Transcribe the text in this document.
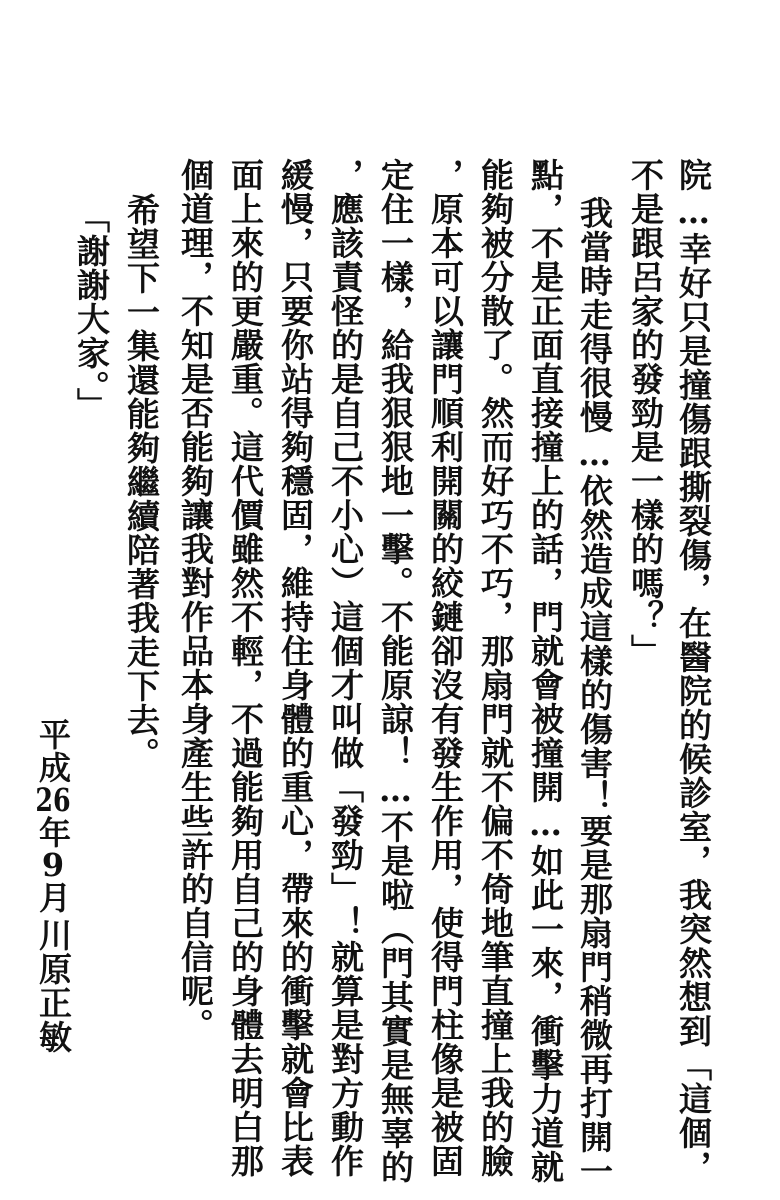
院…幸好只是撞傷跟撕裂傷，在醫院的候診室，我突然想到「這個，

不是跟呂家的發勁是一樣的嗎？」

我當時走得很慢…依然造成這樣的傷害！要是那扇門稍微再打開一

點，不是正面直接撞上的話，門就會被撞開…如此一來，衝擊力道就

能夠被分散了。然而好巧不巧，那扇門就不偏不倚地筆直撞上我的臉

，原本可以讓門順利開關的絞鏈卻沒有發生作用，使得門柱像是被固

定住一樣，給我狠狠地一擊。不能原諒！…不是啦（門其實是無辜的

，應該責怪的是自己不小心）這個才叫做「發勁」！就算是對方動作

緩慢，只要你站得夠穩固，維持住身體的重心，帶來的衝擊就會比表

面上來的更嚴重。這代價雖然不輕，不過能夠用自己的身體去明白那

個道理，不知是否能夠讓我對作品本身產生些許的自信呢。

希望下一集還能夠繼續陪著我走下去。

「謝謝大家。」

平成26年9月
川原正敏
